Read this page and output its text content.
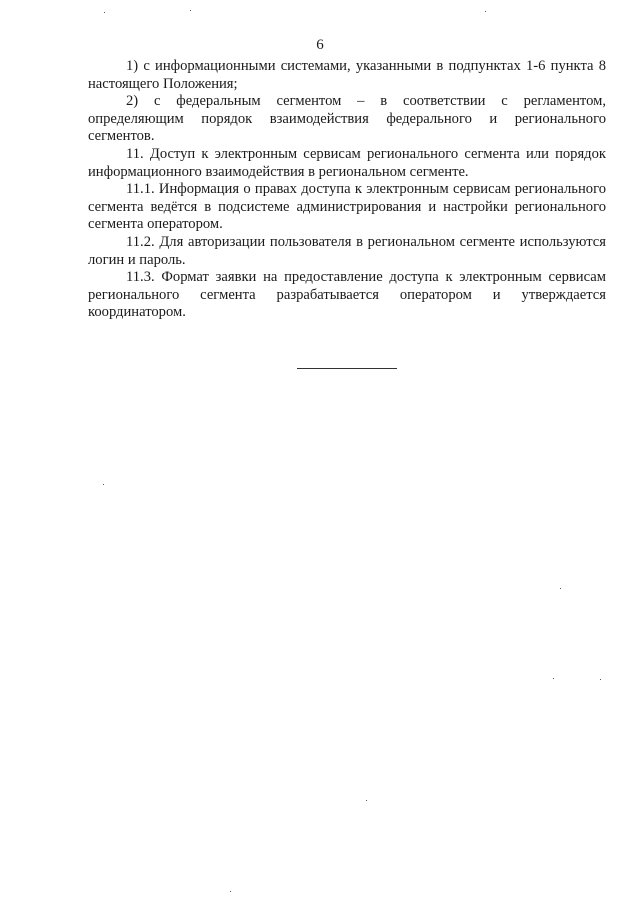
6

1) с информационными системами, указанными в подпунктах 1-6 пункта 8 настоящего Положения;

2) с федеральным сегментом – в соответствии с регламентом, определяющим порядок взаимодействия федерального и регионального сегментов.

11. Доступ к электронным сервисам регионального сегмента или порядок информационного взаимодействия в региональном сегменте.

11.1. Информация о правах доступа к электронным сервисам регионального сегмента ведётся в подсистеме администрирования и настройки регионального сегмента оператором.

11.2. Для авторизации пользователя в региональном сегменте используются логин и пароль.

11.3. Формат заявки на предоставление доступа к электронным сервисам регионального сегмента разрабатывается оператором и утверждается координатором.
